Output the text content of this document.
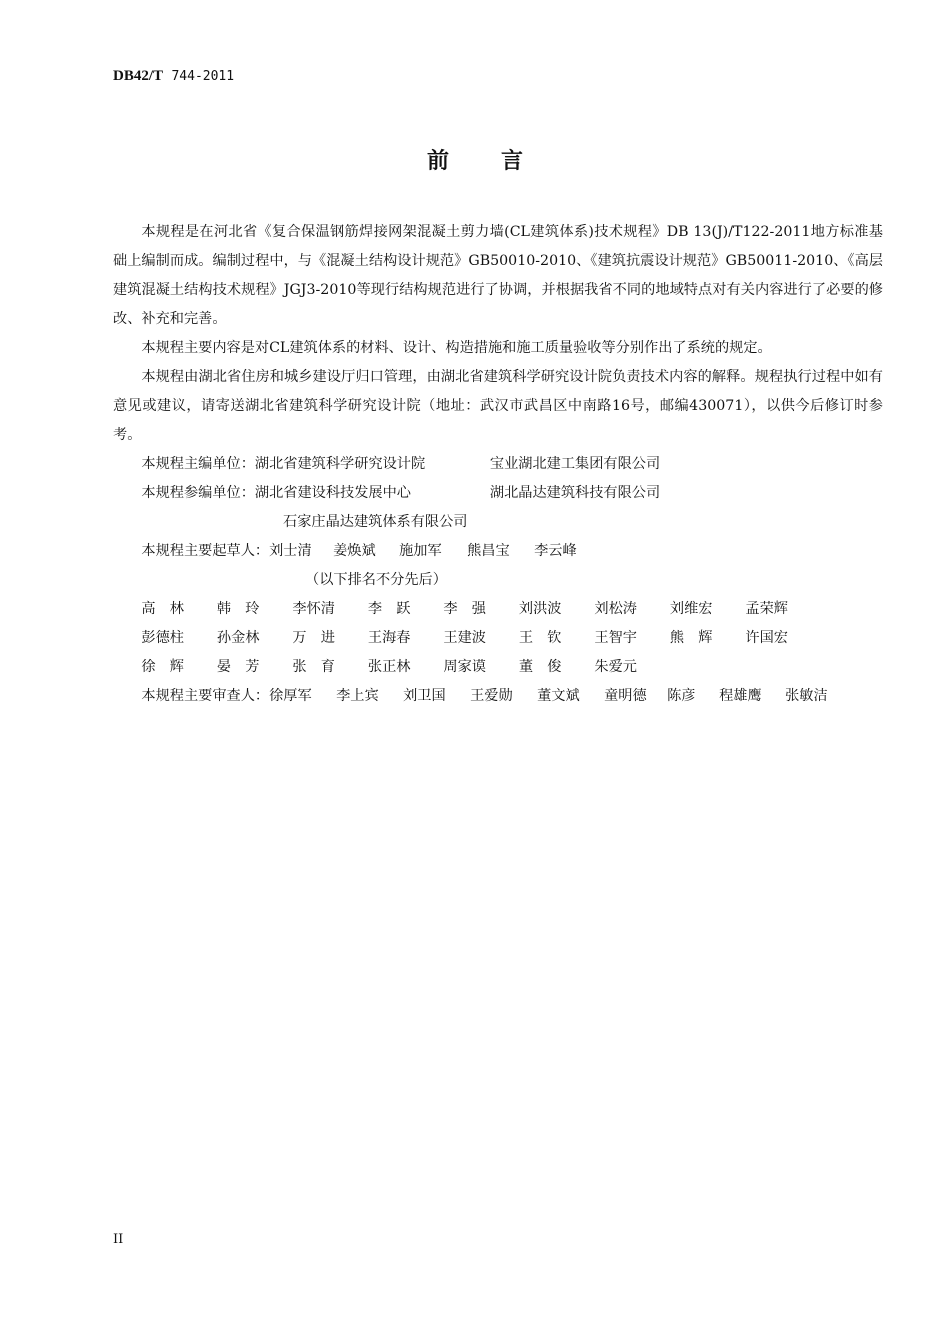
DB42/T 744-2011
前 言

本规程是在河北省《复合保温钢筋焊接网架混凝土剪力墙(CL建筑体系)技术规程》DB 13(J)/T122-2011地方标准基础上编制而成。编制过程中，与《混凝土结构设计规范》GB50010-2010、《建筑抗震设计规范》GB50011-2010、《高层建筑混凝土结构技术规程》JGJ3-2010等现行结构规范进行了协调，并根据我省不同的地域特点对有关内容进行了必要的修改、补充和完善。

本规程主要内容是对CL建筑体系的材料、设计、构造措施和施工质量验收等分别作出了系统的规定。

本规程由湖北省住房和城乡建设厅归口管理，由湖北省建筑科学研究设计院负责技术内容的解释。规程执行过程中如有意见或建议，请寄送湖北省建筑科学研究设计院（地址：武汉市武昌区中南路16号，邮编430071），以供今后修订时参考。

本规程主编单位：湖北省建筑科学研究设计院	宝业湖北建工集团有限公司

本规程参编单位：湖北省建设科技发展中心	湖北晶达建筑科技有限公司

石家庄晶达建筑体系有限公司

本规程主要起草人：刘士清 姜焕斌 施加军 熊昌宝 李云峰

（以下排名不分先后）

高　林 韩　玲 李怀清 李　跃 李　强 刘洪波 刘松涛 刘维宏 孟荣辉

彭德柱 孙金林 万　进 王海春 王建波 王　钦 王智宇 熊　辉 许国宏

徐　辉 晏　芳 张　育 张正林 周家谟 董　俊 朱爱元

本规程主要审查人：徐厚军 李上宾 刘卫国 王爱勋 董文斌 童明德 陈彦 程雄鹰 张敏洁

II
